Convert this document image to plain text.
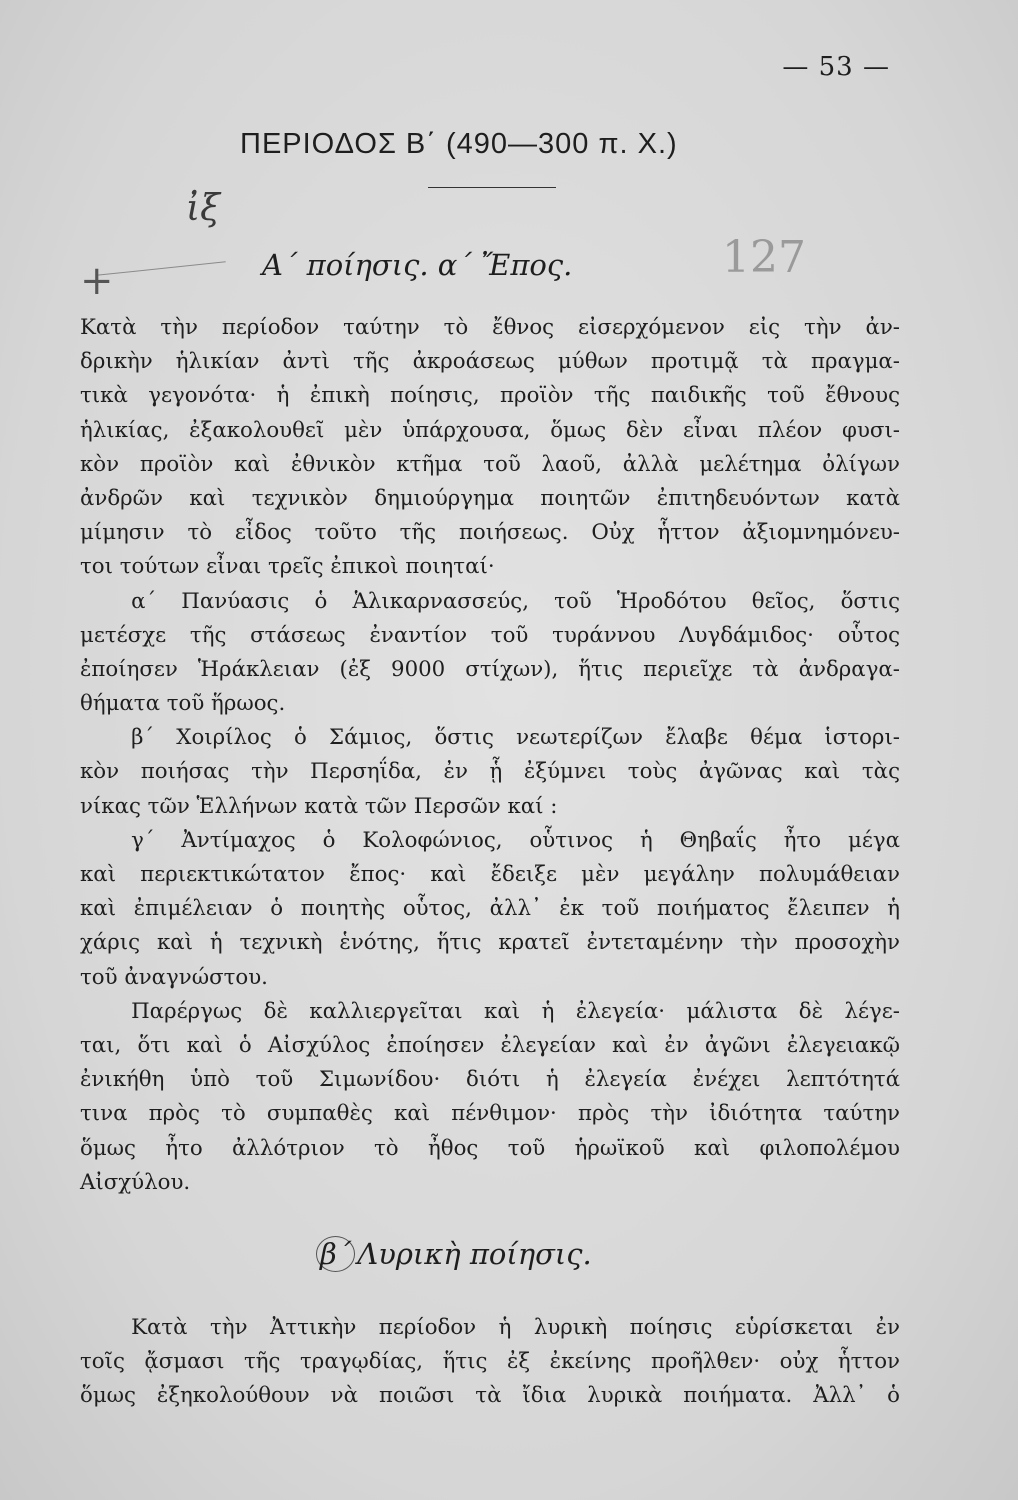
— 53 —
ΠΕΡΙΟΔΟΣ Β΄ (490—300 π. Χ.)
ἰξ
127
+	Α΄ ποίησις. α΄ Ἔπος.
Κατὰ τὴν περίοδον ταύτην τὸ ἔθνος εἰσερχόμενον εἰς τὴν ἀν-
δρικὴν ἡλικίαν ἀντὶ τῆς ἀκροάσεως μύθων προτιμᾷ τὰ πραγμα-
τικὰ γεγονότα· ἡ ἐπικὴ ποίησις, προϊὸν τῆς παιδικῆς τοῦ ἔθνους
ἡλικίας, ἐξακολουθεῖ μὲν ὑπάρχουσα, ὅμως δὲν εἶναι πλέον φυσι-
κὸν προϊὸν καὶ ἐθνικὸν κτῆμα τοῦ λαοῦ, ἀλλὰ μελέτημα ὀλίγων
ἀνδρῶν καὶ τεχνικὸν δημιούργημα ποιητῶν ἐπιτηδευόντων κατὰ
μίμησιν τὸ εἶδος τοῦτο τῆς ποιήσεως. Οὐχ ἧττον ἀξιομνημόνευ-
τοι τούτων εἶναι τρεῖς ἐπικοὶ ποιηταί·
α΄ Πανύασις ὁ Ἁλικαρνασσεύς, τοῦ Ἡροδότου θεῖος, ὅστις
μετέσχε τῆς στάσεως ἐναντίον τοῦ τυράννου Λυγδάμιδος· οὗτος
ἐποίησεν Ἡράκλειαν (ἐξ 9000 στίχων), ἥτις περιεῖχε τὰ ἀνδραγα-
θήματα τοῦ ἥρωος.
β΄ Χοιρίλος ὁ Σάμιος, ὅστις νεωτερίζων ἔλαβε θέμα ἱστορι-
κὸν ποιήσας τὴν Περσηΐδα, ἐν ᾗ ἐξύμνει τοὺς ἀγῶνας καὶ τὰς
νίκας τῶν Ἑλλήνων κατὰ τῶν Περσῶν καί :
γ΄ Ἀντίμαχος ὁ Κολοφώνιος, οὗτινος ἡ Θηβαΐς ἦτο μέγα
καὶ περιεκτικώτατον ἔπος· καὶ ἔδειξε μὲν μεγάλην πολυμάθειαν
καὶ ἐπιμέλειαν ὁ ποιητὴς οὗτος, ἀλλ᾽ ἐκ τοῦ ποιήματος ἔλειπεν ἡ
χάρις καὶ ἡ τεχνικὴ ἑνότης, ἥτις κρατεῖ ἐντεταμένην τὴν προσοχὴν
τοῦ ἀναγνώστου.
Παρέργως δὲ καλλιεργεῖται καὶ ἡ ἐλεγεία· μάλιστα δὲ λέγε-
ται, ὅτι καὶ ὁ Αἰσχύλος ἐποίησεν ἐλεγείαν καὶ ἐν ἀγῶνι ἐλεγειακῷ
ἐνικήθη ὑπὸ τοῦ Σιμωνίδου· διότι ἡ ἐλεγεία ἐνέχει λεπτότητά
τινα πρὸς τὸ συμπαθὲς καὶ πένθιμον· πρὸς τὴν ἰδιότητα ταύτην
ὅμως ἦτο ἀλλότριον τὸ ἦθος τοῦ ἡρωϊκοῦ καὶ φιλοπολέμου
Αἰσχύλου.
β΄ Λυρικὴ ποίησις.
Κατὰ τὴν Ἀττικὴν περίοδον ἡ λυρικὴ ποίησις εὑρίσκεται ἐν
τοῖς ᾄσμασι τῆς τραγῳδίας, ἥτις ἐξ ἐκείνης προῆλθεν· οὐχ ἧττον
ὅμως ἐξηκολούθουν νὰ ποιῶσι τὰ ἴδια λυρικὰ ποιήματα. Ἀλλ᾽ ὁ
